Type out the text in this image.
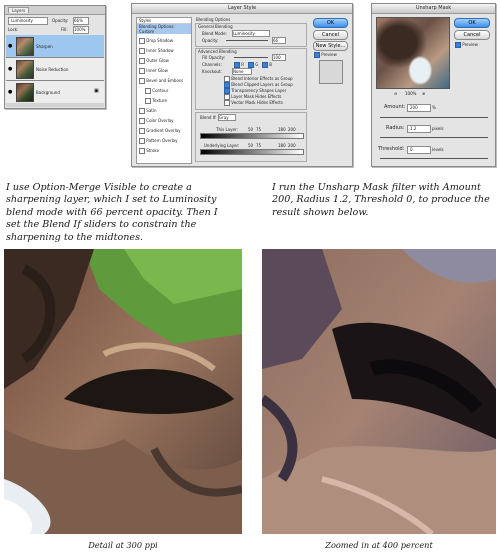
Layers
Luminosity	Opacity: 66%
Lock:	Fill: 100%
●	Sharpen
●	Noise Reduction
●	Background	▣
Layer Style
Styles
Blending Options: Custom
Drop Shadow
Inner Shadow
Outer Glow
Inner Glow
Bevel and Emboss
Contour
Texture
Satin
Color Overlay
Gradient Overlay
Pattern Overlay
Stroke
Blending Options
General Blending
Blend Mode: Luminosity
Opacity:	66
Advanced Blending
Fill Opacity:	100
Channels:	R	G	B
Knockout:	None
Blend Interior Effects as Group
Blend Clipped Layers as Group
Transparency Shapes Layer
Layer Mask Hides Effects
Vector Mask Hides Effects
Blend If: Gray
This Layer:	50 75	180 200
Underlying Layer: 50 75	180 200
OK
Cancel
New Style...
Preview
Unsharp Mask
OK
Cancel
Preview
⊖ 100% ⊕
Amount:	200	%
Radius:	1.2	pixels
Threshold:	0	levels
I use Option-Merge Visible to create a sharpening layer, which I set to Luminosity blend mode with 66 percent opacity. Then I set the Blend If sliders to constrain the sharpening to the midtones.
I run the Unsharp Mask filter with Amount 200, Radius 1.2, Threshold 0, to produce the result shown below.
Detail at 300 ppi	Zoomed in at 400 percent
